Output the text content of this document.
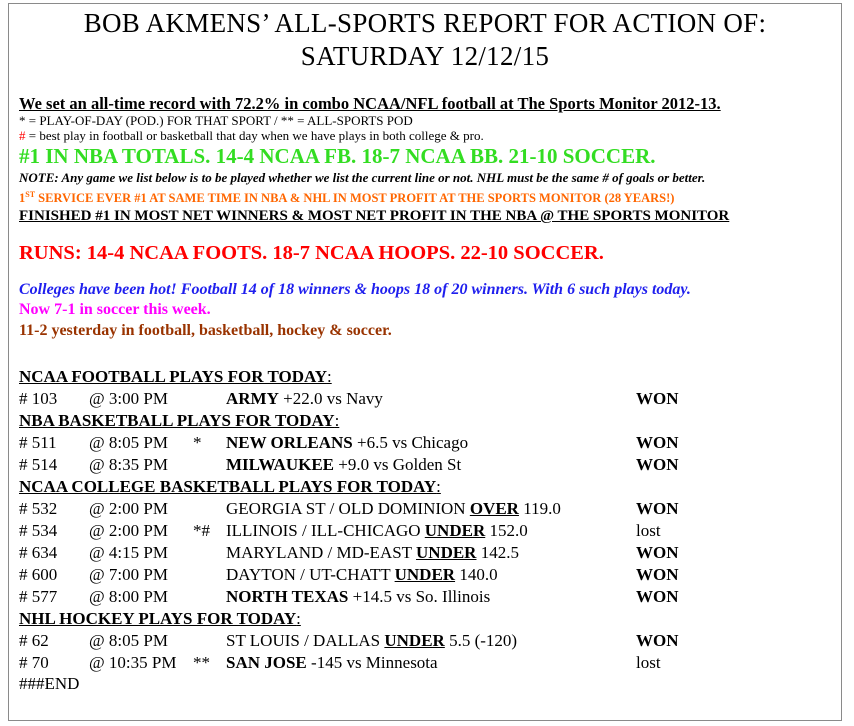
BOB AKMENS’ ALL-SPORTS REPORT FOR ACTION OF:
SATURDAY 12/12/15
We set an all-time record with 72.2% in combo NCAA/NFL football at The Sports Monitor 2012-13.
* = PLAY-OF-DAY (POD.) FOR THAT SPORT / ** = ALL-SPORTS POD
# = best play in football or basketball that day when we have plays in both college & pro.
#1 IN NBA TOTALS. 14-4 NCAA FB. 18-7 NCAA BB. 21-10 SOCCER.
NOTE: Any game we list below is to be played whether we list the current line or not. NHL must be the same # of goals or better.
1ST SERVICE EVER #1 AT SAME TIME IN NBA & NHL IN MOST PROFIT AT THE SPORTS MONITOR (28 YEARS!)
FINISHED #1 IN MOST NET WINNERS & MOST NET PROFIT IN THE NBA @ THE SPORTS MONITOR
RUNS: 14-4 NCAA FOOTS. 18-7 NCAA HOOPS. 22-10 SOCCER.
Colleges have been hot! Football 14 of 18 winners & hoops 18 of 20 winners. With 6 such plays today.
Now 7-1 in soccer this week.
11-2 yesterday in football, basketball, hockey & soccer.
NCAA FOOTBALL PLAYS FOR TODAY:
# 103 @ 3:00 PM	ARMY +22.0 vs Navy	WON
NBA BASKETBALL PLAYS FOR TODAY:
# 511 @ 8:05 PM * NEW ORLEANS +6.5 vs Chicago	WON
# 514 @ 8:35 PM	MILWAUKEE +9.0 vs Golden St	WON
NCAA COLLEGE BASKETBALL PLAYS FOR TODAY:
# 532 @ 2:00 PM	GEORGIA ST / OLD DOMINION OVER 119.0	WON
# 534 @ 2:00 PM *# ILLINOIS / ILL-CHICAGO UNDER 152.0	lost
# 634 @ 4:15 PM	MARYLAND / MD-EAST UNDER 142.5	WON
# 600 @ 7:00 PM	DAYTON / UT-CHATT UNDER 140.0	WON
# 577 @ 8:00 PM	NORTH TEXAS +14.5 vs So. Illinois	WON
NHL HOCKEY PLAYS FOR TODAY:
# 62 @ 8:05 PM	ST LOUIS / DALLAS UNDER 5.5 (-120)	WON
# 70 @ 10:35 PM ** SAN JOSE -145 vs Minnesota	lost
###END
